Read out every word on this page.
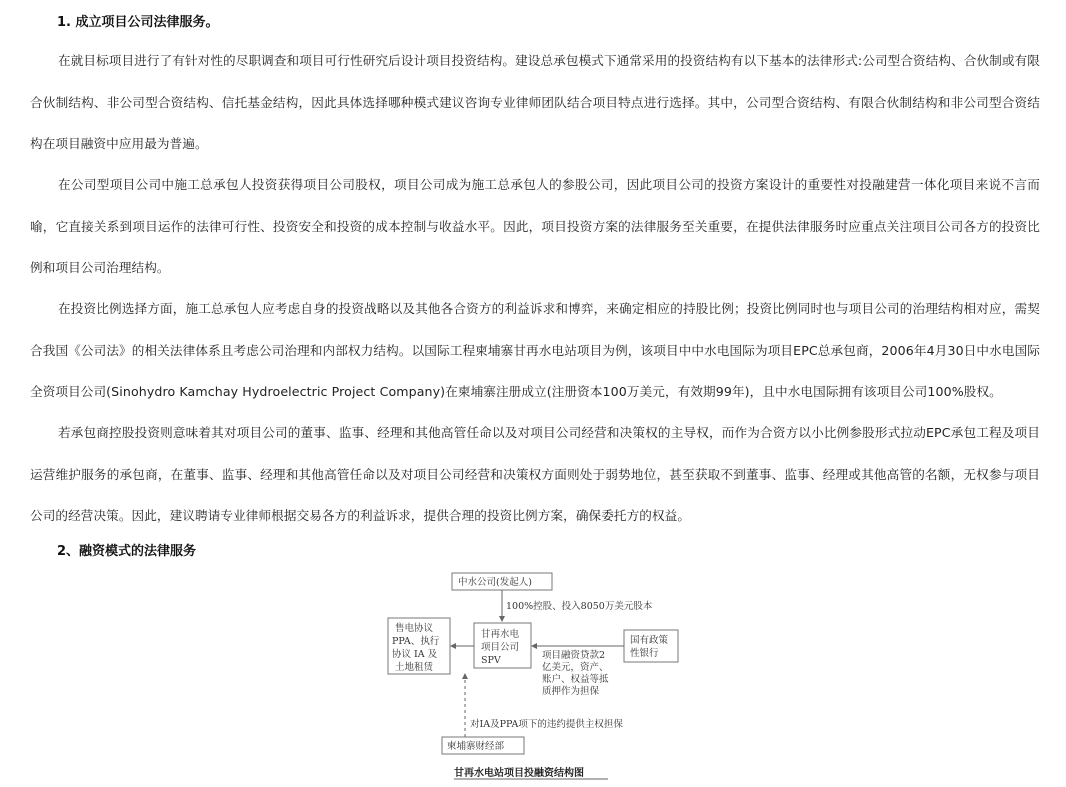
1. 成立项目公司法律服务。

在就目标项目进行了有针对性的尽职调查和项目可行性研究后设计项目投资结构。建设总承包模式下通常采用的投资结构有以下基本的法律形式:公司型合资结构、合伙制或有限合伙制结构、非公司型合资结构、信托基金结构，因此具体选择哪种模式建议咨询专业律师团队结合项目特点进行选择。其中，公司型合资结构、有限合伙制结构和非公司型合资结构在项目融资中应用最为普遍。

在公司型项目公司中施工总承包人投资获得项目公司股权，项目公司成为施工总承包人的参股公司，因此项目公司的投资方案设计的重要性对投融建营一体化项目来说不言而喻，它直接关系到项目运作的法律可行性、投资安全和投资的成本控制与收益水平。因此，项目投资方案的法律服务至关重要，在提供法律服务时应重点关注项目公司各方的投资比例和项目公司治理结构。

在投资比例选择方面，施工总承包人应考虑自身的投资战略以及其他各合资方的利益诉求和博弈，来确定相应的持股比例；投资比例同时也与项目公司的治理结构相对应，需契合我国《公司法》的相关法律体系且考虑公司治理和内部权力结构。以国际工程柬埔寨甘再水电站项目为例，该项目中中水电国际为项目EPC总承包商，2006年4月30日中水电国际全资项目公司(Sinohydro Kamchay Hydroelectric Project Company)在柬埔寨注册成立(注册资本100万美元，有效期99年)，且中水电国际拥有该项目公司100%股权。

若承包商控股投资则意味着其对项目公司的董事、监事、经理和其他高管任命以及对项目公司经营和决策权的主导权，而作为合资方以小比例参股形式拉动EPC承包工程及项目运营维护服务的承包商，在董事、监事、经理和其他高管任命以及对项目公司经营和决策权方面则处于弱势地位，甚至获取不到董事、监事、经理或其他高管的名额，无权参与项目公司的经营决策。因此，建议聘请专业律师根据交易各方的利益诉求，提供合理的投资比例方案，确保委托方的权益。

2、融资模式的法律服务
中水公司(发起人)
100%控股、投入8050万美元股本
甘再水电
项目公司
SPV
售电协议
PPA、执行
协议 IA 及
土地租赁
国有政策
性银行
项目融资贷款2
亿美元，资产、
账户、权益等抵
质押作为担保
对IA及PPA项下的违约提供主权担保
柬埔寨财经部
甘再水电站项目投融资结构图
